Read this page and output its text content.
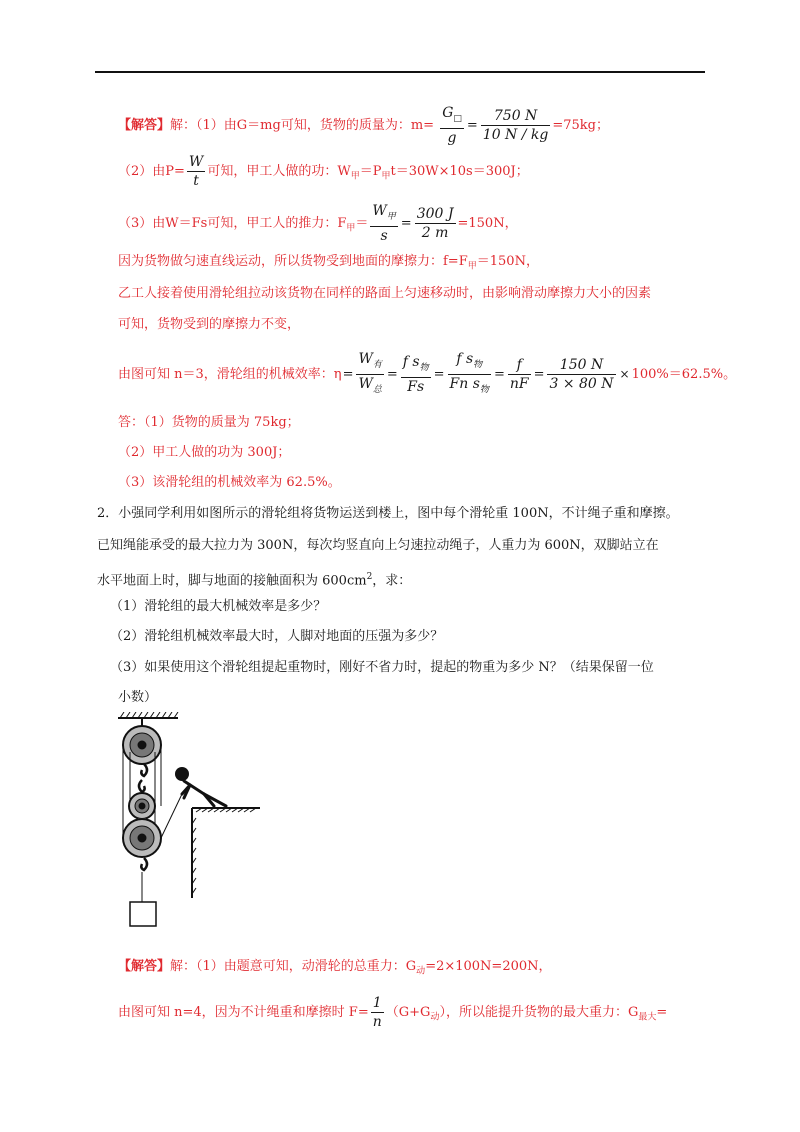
【解答】解：（1）由G＝mg可知，货物的质量为：$m= \frac{G_□}{g} = \frac{750 N}{10 N / kg} =75kg$；
（2）由$P= \frac{W}{t}$ 可知，甲工人做的功：$W_甲=P_甲t=30W\times 10s=300J$；
（3）由W＝Fs可知，甲工人的推力：$F_甲= \frac{W_甲}{s} = \frac{300 J}{2 m} =150N$，
因为货物做匀速直线运动，所以货物受到地面的摩擦力：$f=F_甲=150N$，
乙工人接着使用滑轮组拉动该货物在同样的路面上匀速移动时，由影响滑动摩擦力大小的因素
可知，货物受到的摩擦力不变，
由图可知 n＝3，滑轮组的机械效率：$\eta= \frac{W_有}{W_总} = \frac{f s_物}{Fs} = \frac{f s_物}{Fn s_物} = \frac{f}{nF} = \frac{150 N}{3 \times 80 N} \times 100\%=62.5\%$。
答：（1）货物的质量为 75kg；
（2）甲工人做的功为 300J；
（3）该滑轮组的机械效率为 62.5%。
2．小强同学利用如图所示的滑轮组将货物运送到楼上，图中每个滑轮重 100N，不计绳子重和摩擦。
已知绳能承受的最大拉力为 300N，每次均竖直向上匀速拉动绳子，人重力为 600N，双脚站立在
水平地面上时，脚与地面的接触面积为 $600cm^2$，求：
（1）滑轮组的最大机械效率是多少？
（2）滑轮组机械效率最大时，人脚对地面的压强为多少？
（3）如果使用这个滑轮组提起重物时，刚好不省力时，提起的物重为多少 N？（结果保留一位
小数）
【解答】解：（1）由题意可知，动滑轮的总重力：$G_动=2\times 100N=200N$，
由图可知 n=4，因为不计绳重和摩擦时 $F= \frac{1}{n} (G+G_动)$，所以能提升货物的最大重力：$G_{最大}=$
